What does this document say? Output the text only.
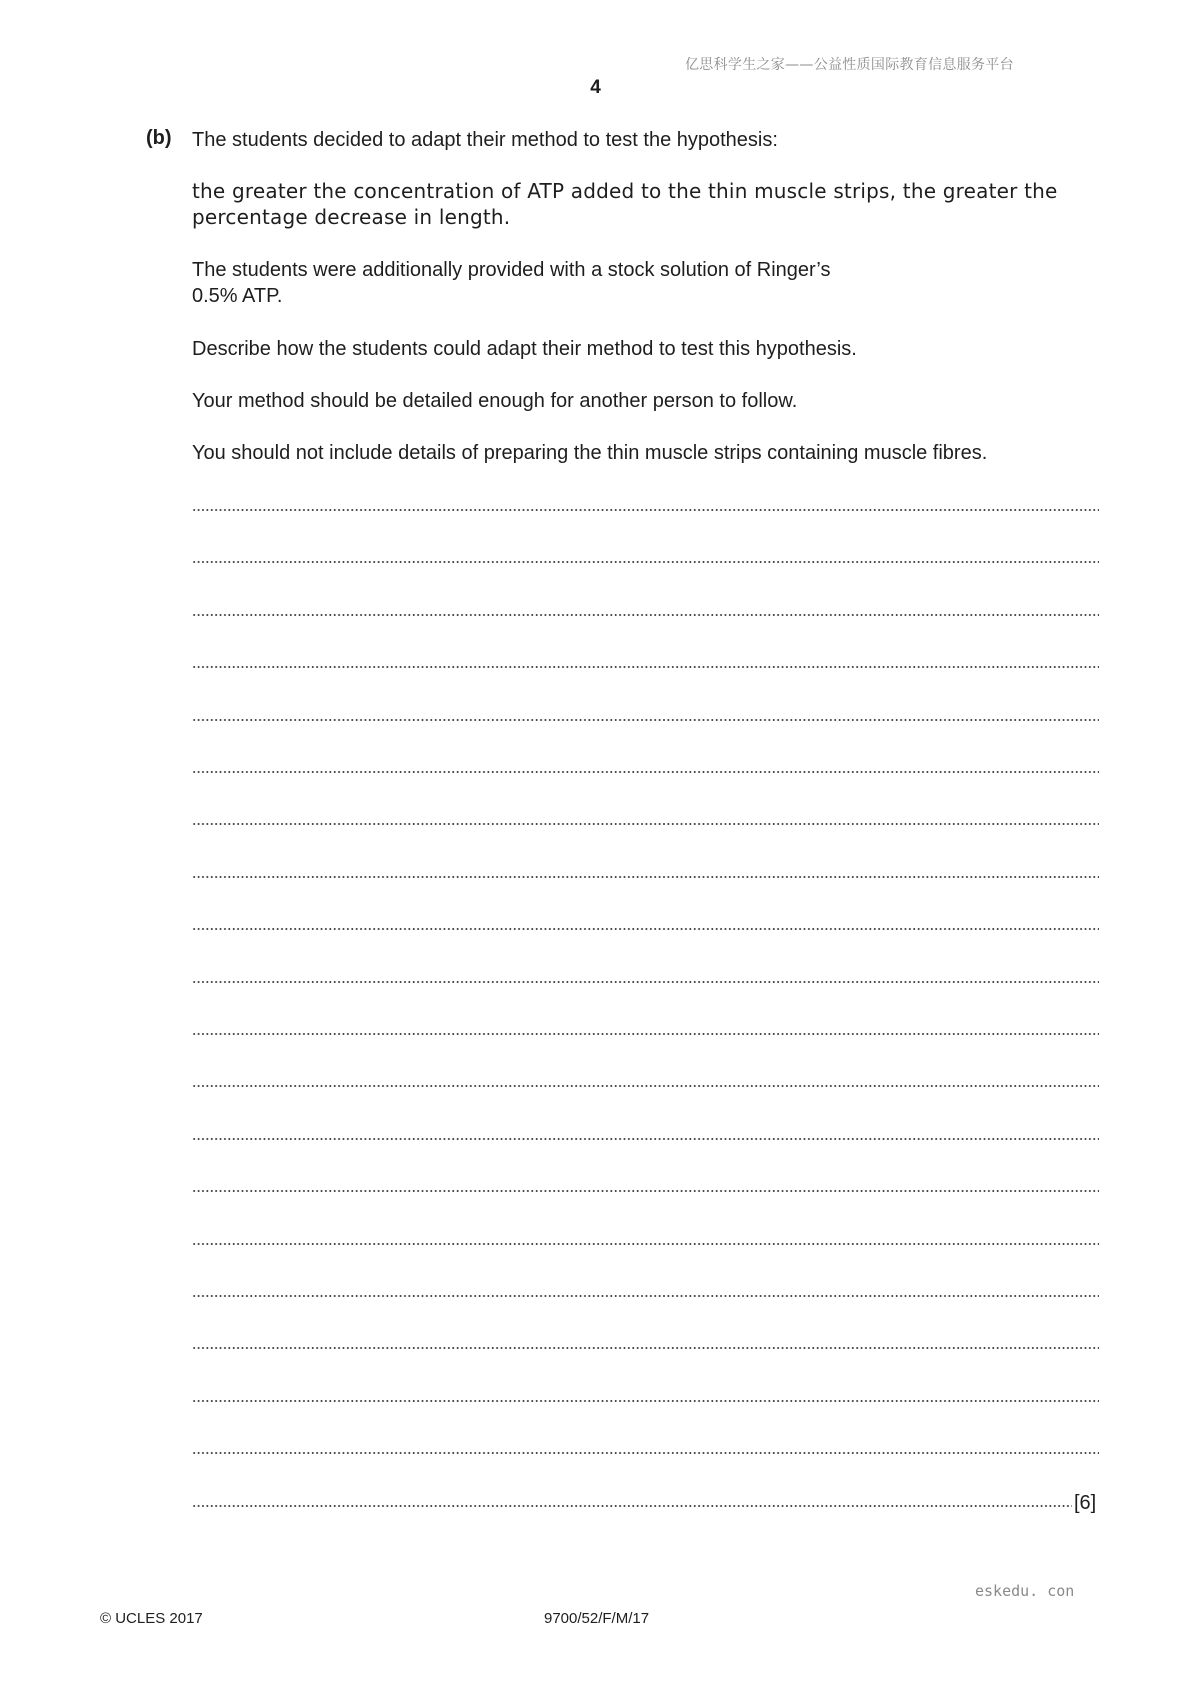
亿思科学生之家——公益性质国际教育信息服务平台
4
(b) The students decided to adapt their method to test the hypothesis:
the greater the concentration of ATP added to the thin muscle strips, the greater the
percentage decrease in length.
The students were additionally provided with a stock solution of Ringer’s
0.5% ATP.
Describe how the students could adapt their method to test this hypothesis.
Your method should be detailed enough for another person to follow.
You should not include details of preparing the thin muscle strips containing muscle fibres.
[6]
eskedu. con
© UCLES 2017	9700/52/F/M/17
